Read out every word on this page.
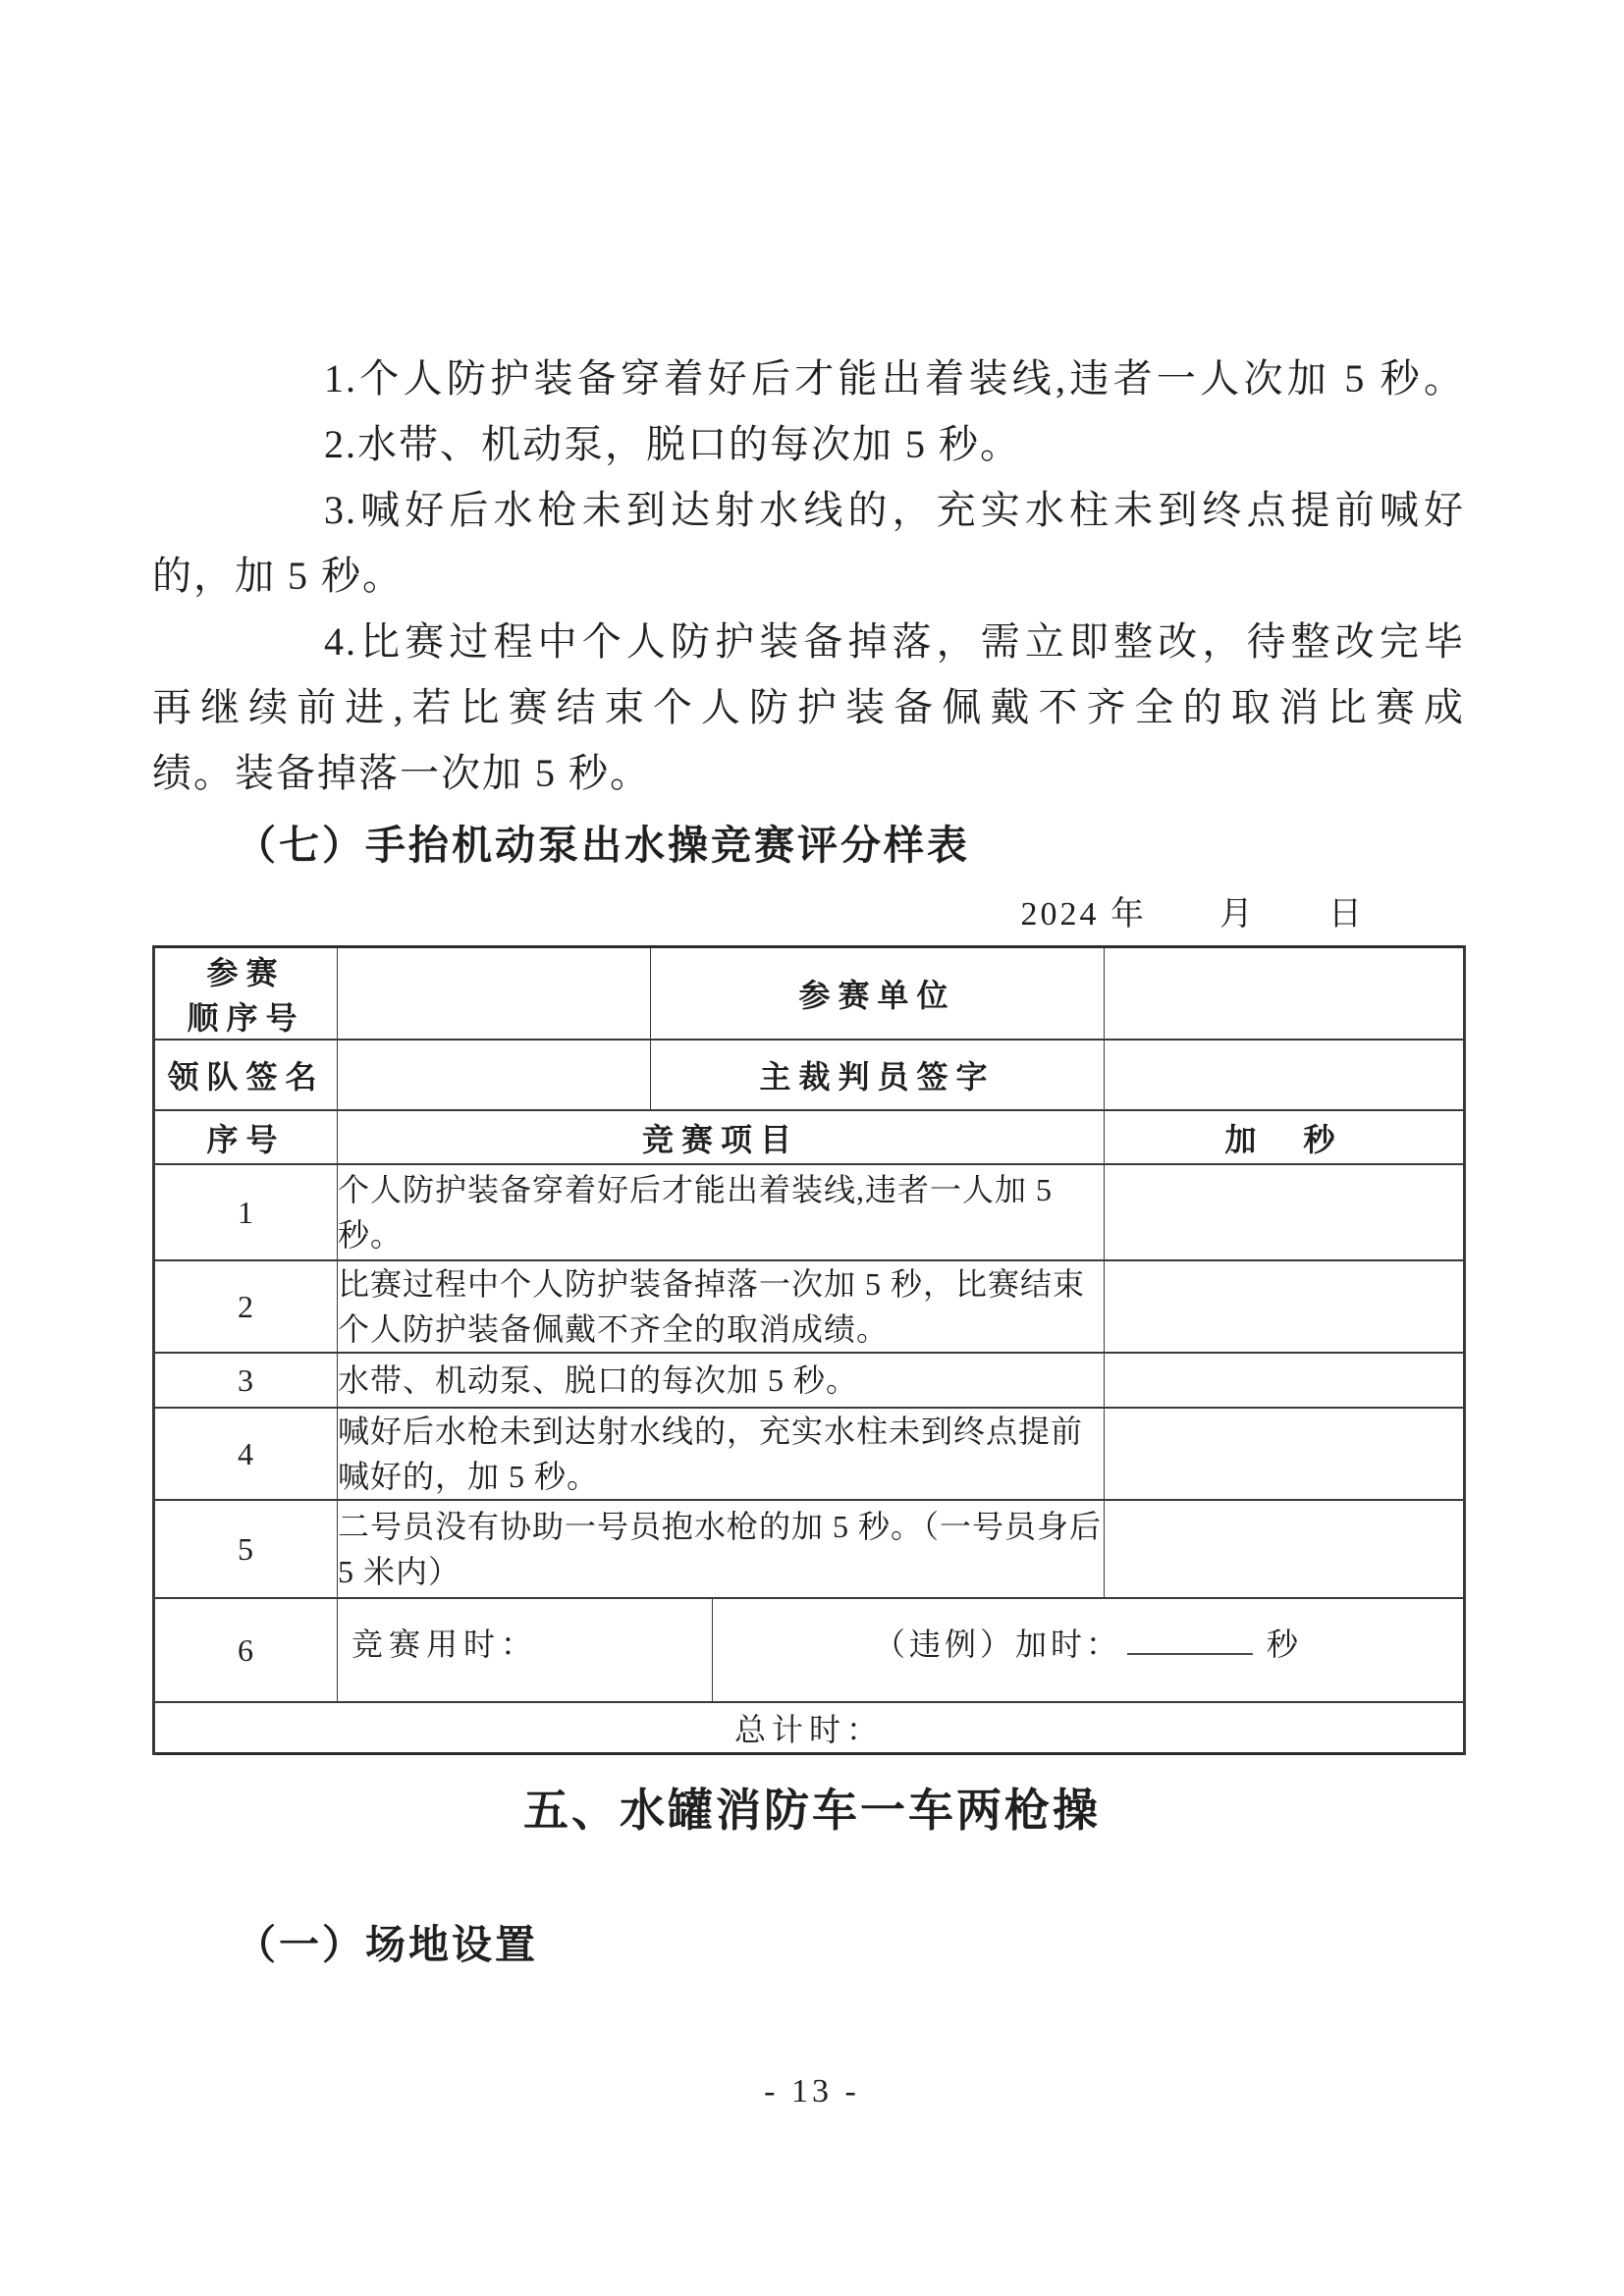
1.个人防护装备穿着好后才能出着装线,违者一人次加 5 秒。
2.水带、机动泵，脱口的每次加 5 秒。
3.喊好后水枪未到达射水线的，充实水柱未到终点提前喊好
的，加 5 秒。
4.比赛过程中个人防护装备掉落，需立即整改，待整改完毕
再继续前进,若比赛结束个人防护装备佩戴不齐全的取消比赛成
绩。装备掉落一次加 5 秒。
（七）手抬机动泵出水操竞赛评分样表
2024 年　　月　　日
参赛
顺序号		参赛单位		
领队签名		主裁判员签字		
序号	竞赛项目			加　秒
1	个人防护装备穿着好后才能出着装线,违者一人加 5 秒。			
2	比赛过程中个人防护装备掉落一次加 5 秒，比赛结束个人防护装备佩戴不齐全的取消成绩。			
3	水带、机动泵、脱口的每次加 5 秒。			
4	喊好后水枪未到达射水线的，充实水柱未到终点提前喊好的，加 5 秒。			
5	二号员没有协助一号员抱水枪的加 5 秒。（一号员身后 5 米内）			
6	竞赛用时：		（违例）加时： 秒	
总计时：				
五、水罐消防车一车两枪操
（一）场地设置
- 13 -
